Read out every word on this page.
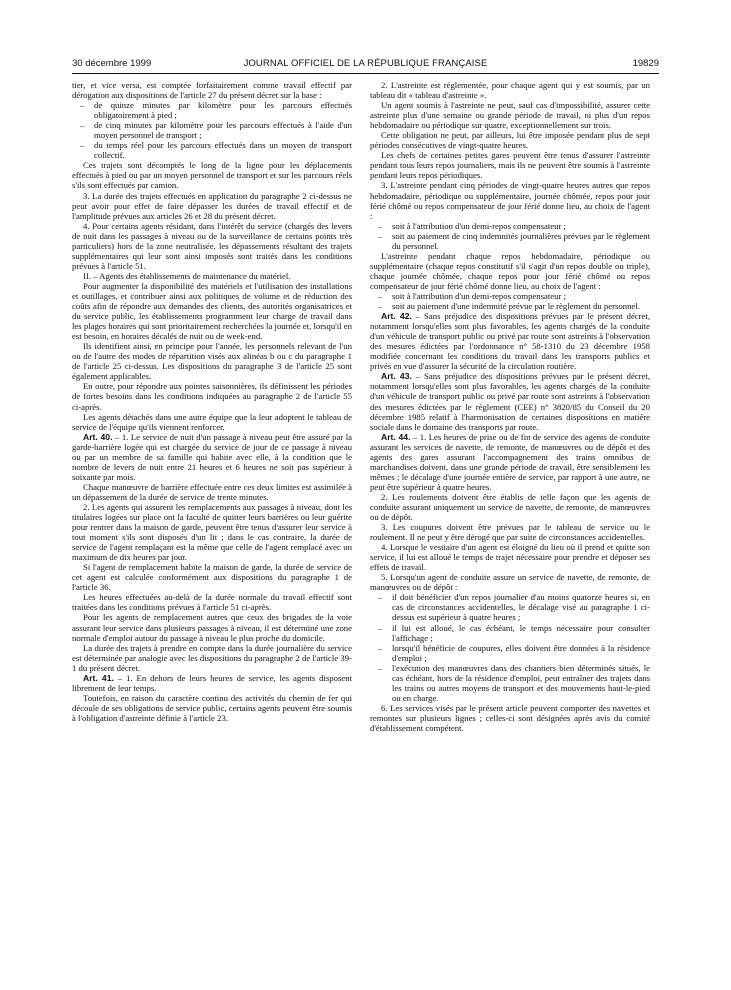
30 décembre 1999	JOURNAL OFFICIEL DE LA RÉPUBLIQUE FRANÇAISE	19829

tier, et vice versa, est comptée forfaitairement comme travail effectif par dérogation aux dispositions de l'article 27 du présent décret sur la base :

– de quinze minutes par kilomètre pour les parcours effectués obligatoirement à pied ;
– de cinq minutes par kilomètre pour les parcours effectués à l'aide d'un moyen personnel de transport ;
– du temps réel pour les parcours effectués dans un moyen de transport collectif.

Ces trajets sont décomptés le long de la ligne pour les déplacements effectués à pied ou par un moyen personnel de transport et sur les parcours réels s'ils sont effectués par camion.

3. La durée des trajets effectués en application du paragraphe 2 ci-dessus ne peut avoir pour effet de faire dépasser les durées de travail effectif et de l'amplitude prévues aux articles 26 et 28 du présent décret.

4. Pour certains agents résidant, dans l'intérêt du service (chargés des levers de nuit dans les passages à niveau ou de la surveillance de certains points très particuliers) hors de la zone neutralisée, les dépassements résultant des trajets supplémentaires qui leur sont ainsi imposés sont traités dans les conditions prévues à l'article 51.

II. – Agents des établissements de maintenance du matériel.

Pour augmenter la disponibilité des matériels et l'utilisation des installations et outillages, et contribuer ainsi aux politiques de volume et de réduction des coûts afin de répondre aux demandes des clients, des autorités organisatrices et du service public, les établissements programment leur charge de travail dans les plages horaires qui sont prioritairement recherchées la journée et, lorsqu'il en est besoin, en horaires décalés de nuit ou de week-end.

Ils identifient ainsi, en principe pour l'année, les personnels relevant de l'un ou de l'autre des modes de répartition visés aux alinéas b ou c du paragraphe 1 de l'article 25 ci-dessus. Les dispositions du paragraphe 3 de l'article 25 sont également applicables.

En outre, pour répondre aux pointes saisonnières, ils définissent les périodes de fortes besoins dans les conditions indiquées au paragraphe 2 de l'article 55 ci-après.

Les agents détachés dans une autre équipe que la leur adoptent le tableau de service de l'équipe qu'ils viennent renforcer.

Art. 40. – 1. Le service de nuit d'un passage à niveau peut être assuré par la garde-barrière logée qui est chargée du service de jour de ce passage à niveau ou par un membre de sa famille qui habite avec elle, à la condition que le nombre de levers de nuit entre 21 heures et 6 heures ne soit pas supérieur à soixante par mois.

Chaque manœuvre de barrière effectuée entre ces deux limites est assimilée à un dépassement de la durée de service de trente minutes.

2. Les agents qui assurent les remplacements aux passages à niveau, dont les titulaires logées sur place ont la faculté de quitter leurs barrières ou leur guérite pour rentrer dans la maison de garde, peuvent être tenus d'assurer leur service à tout moment s'ils sont disposés d'un lit ; dans le cas contraire, la durée de service de l'agent remplaçant est la même que celle de l'agent remplacé avec un maximum de dix heures par jour.

Si l'agent de remplacement habite la maison de garde, la durée de service de cet agent est calculée conformément aux dispositions du paragraphe 1 de l'article 36.

Les heures effectuées au-delà de la durée normale du travail effectif sont traitées dans les conditions prévues à l'article 51 ci-après.

Pour les agents de remplacement autres que ceux des brigades de la voie assurant leur service dans plusieurs passages à niveau, il est déterminé une zone normale d'emploi autour du passage à niveau le plus proche du domicile.

La durée des trajets à prendre en compte dans la durée journalière du service est déterminée par analogie avec les dispositions du paragraphe 2 de l'article 39-1 du présent décret.

Art. 41. – 1. En dehors de leurs heures de service, les agents disposent librement de leur temps.

Toutefois, en raison du caractère continu des activités du chemin de fer qui découle de ses obligations de service public, certains agents peuvent être soumis à l'obligation d'astreinte définie à l'article 23.

2. L'astreinte est réglementée, pour chaque agent qui y est soumis, par un tableau dit « tableau d'astreinte ».

Un agent soumis à l'astreinte ne peut, sauf cas d'impossibilité, assurer cette astreinte plus d'une semaine ou grande période de travail, ni plus d'un repos hebdomadaire ou périodique sur quatre, exceptionnellement sur trois.

Cette obligation ne peut, par ailleurs, lui être imposée pendant plus de sept périodes consécutives de vingt-quatre heures.

Les chefs de certaines petites gares peuvent être tenus d'assurer l'astreinte pendant tous leurs repos journaliers, mais ils ne peuvent être soumis à l'astreinte pendant leurs repos périodiques.

3. L'astreinte pendant cinq périodes de vingt-quatre heures autres que repos hebdomadaire, périodique ou supplémentaire, journée chômée, repos pour jour férié chômé ou repos compensateur de jour férié donne lieu, au choix de l'agent :

– soit à l'attribution d'un demi-repos compensateur ;
– soit au paiement de cinq indemnités journalières prévues par le règlement du personnel.

L'astreinte pendant chaque repos hebdomadaire, périodique ou supplémentaire (chaque repos constitutif s'il s'agit d'un repos double ou triple), chaque journée chômée, chaque repos pour jour férié chômé ou repos compensateur de jour férié chômé donne lieu, au choix de l'agent :

– soit à l'attribution d'un demi-repos compensateur ;
– soit au paiement d'une indemnité prévue par le règlement du personnel.

Art. 42. – Sans préjudice des dispositions prévues par le présent décret, notamment lorsqu'elles sont plus favorables, les agents chargés de la conduite d'un véhicule de transport public ou privé par route sont astreints à l'observation des mesures édictées par l'ordonnance n° 58-1310 du 23 décembre 1958 modifiée concernant les conditions du travail dans les transports publics et privés en vue d'assurer la sécurité de la circulation routière.

Art. 43. – Sans préjudice des dispositions prévues par le présent décret, notamment lorsqu'elles sont plus favorables, les agents chargés de la conduite d'un véhicule de transport public ou privé par route sont astreints à l'observation des mesures édictées par le règlement (CEE) n° 3820/85 du Conseil du 20 décembre 1985 relatif à l'harmonisation de certaines dispositions en matière sociale dans le domaine des transports par route.

Art. 44. – 1. Les heures de prise ou de fin de service des agents de conduite assurant les services de navette, de remonte, de manœuvres ou de dépôt et des agents des gares assurant l'accompagnement des trains omnibus de marchandises doivent, dans une grande période de travail, être sensiblement les mêmes ; le décalage d'une journée entière de service, par rapport à une autre, ne peut être supérieur à quatre heures.

2. Les roulements doivent être établis de telle façon que les agents de conduite assurant uniquement un service de navette, de remonte, de manœuvres ou de dépôt.

3. Les coupures doivent être prévues par le tableau de service ou le roulement. Il ne peut y être dérogé que par suite de circonstances accidentelles.

4. Lorsque le vestiaire d'un agent est éloigné du lieu où il prend et quitte son service, il lui est alloué le temps de trajet nécessaire pour prendre et déposer ses effets de travail.

5. Lorsqu'un agent de conduite assure un service de navette, de remonte, de manœuvres ou de dépôt :

– il doit bénéficier d'un repos journalier d'au moins quatorze heures si, en cas de circonstances accidentelles, le décalage visé au paragraphe 1 ci-dessus est supérieur à quatre heures ;
– il lui est alloué, le cas échéant, le temps nécessaire pour consulter l'affichage ;
– lorsqu'il bénéficie de coupures, elles doivent être données à la résidence d'emploi ;
– l'exécution des manœuvres dans des chantiers bien déterminés situés, le cas échéant, hors de la résidence d'emploi, peut entraîner des trajets dans les trains ou autres moyens de transport et des mouvements haut-le-pied ou en charge.

6. Les services visés par le présent article peuvent comporter des navettes et remontes sur plusieurs lignes ; celles-ci sont désignées après avis du comité d'établissement compétent.
